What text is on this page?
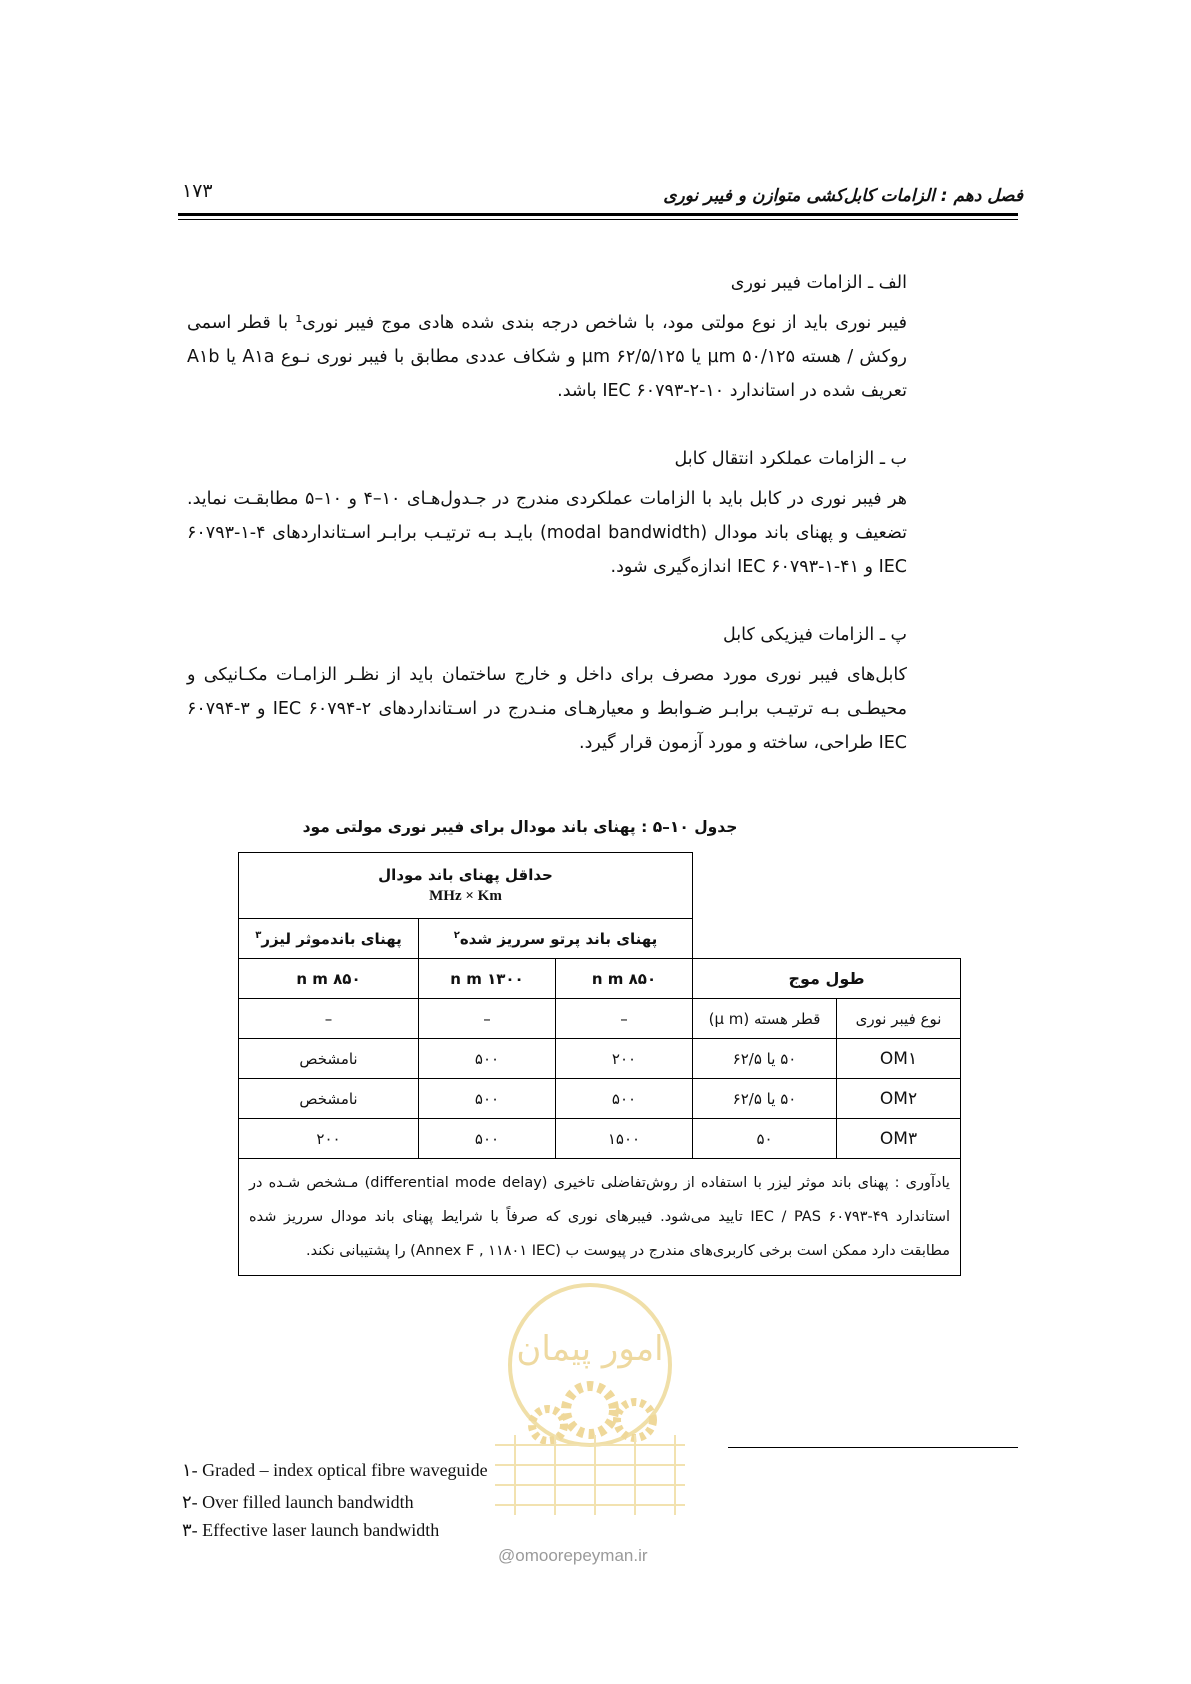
فصل دهم : الزامات کابل‌کشی متوازن و فیبر نوری
۱۷۳
الف ـ الزامات فیبر نوری
فیبر نوری باید از نوع مولتی مود، با شاخص درجه بندی شده هادی موج فیبر نوری¹ با قطر اسمی روکش / هسته ۵۰/۱۲۵ µm یا ۶۲/۵/۱۲۵ µm و شکاف عددی مطابق با فیبر نوری نـوع A۱a یا A۱b تعریف شده در استاندارد ۱۰-۲-۶۰۷۹۳ IEC باشد.
ب ـ الزامات عملکرد انتقال کابل
هر فیبر نوری در کابل باید با الزامات عملکردی مندرج در جـدول‌هـای ۱۰–۴ و ۱۰–۵ مطابقـت نماید. تضعیف و پهنای باند مودال (modal bandwidth) بایـد بـه ترتیـب برابـر اسـتانداردهای ۴-۱-۶۰۷۹۳ IEC و ۴۱-۱-۶۰۷۹۳ IEC اندازه‌گیری شود.
پ ـ الزامات فیزیکی کابل
کابل‌های فیبر نوری مورد مصرف برای داخل و خارج ساختمان باید از نظـر الزامـات مکـانیکی و محیطـی بـه ترتیـب برابـر ضـوابط و معیارهـای منـدرج در اسـتانداردهای ۲-۶۰۷۹۴ IEC و ۳-۶۰۷۹۴ IEC طراحی، ساخته و مورد آزمون قرار گیرد.
جدول ۱۰–۵ : پهنای باند مودال برای فیبر نوری مولتی مود

		حداقل پهنای باند مودال
MHz × Km		

		پهنای باند پرتو سرریز شده$^۲$		پهنای باندموثر لیزر$^۳$
طول موج		۸۵۰ n m	۱۳۰۰ n m	۸۵۰ n m
نوع فیبر نوری	قطر هسته (µ m)	–	–	–
OM۱	۵۰ یا ۶۲/۵	۲۰۰	۵۰۰	نامشخص
OM۲	۵۰ یا ۶۲/۵	۵۰۰	۵۰۰	نامشخص
OM۳	۵۰	۱۵۰۰	۵۰۰	۲۰۰
یادآوری : پهنای باند موثر لیزر با استفاده از روش‌تفاضلی تاخیری (differential mode delay) مـشخص شـده در استاندارد ۴۹-۶۰۷۹۳ IEC / PAS تایید می‌شود. فیبرهای نوری که صرفاً با شرایط پهنای باند مودال سرریز شده مطابقت دارد ممکن است برخی کاربری‌های مندرج در پیوست ب (Annex F , ۱۱۸۰۱ IEC) را پشتیبانی نکند.				
امور پیمان
@omoorepeyman.ir
۱- Graded – index optical fibre waveguide
۲- Over filled launch bandwidth
۳- Effective laser launch bandwidth
